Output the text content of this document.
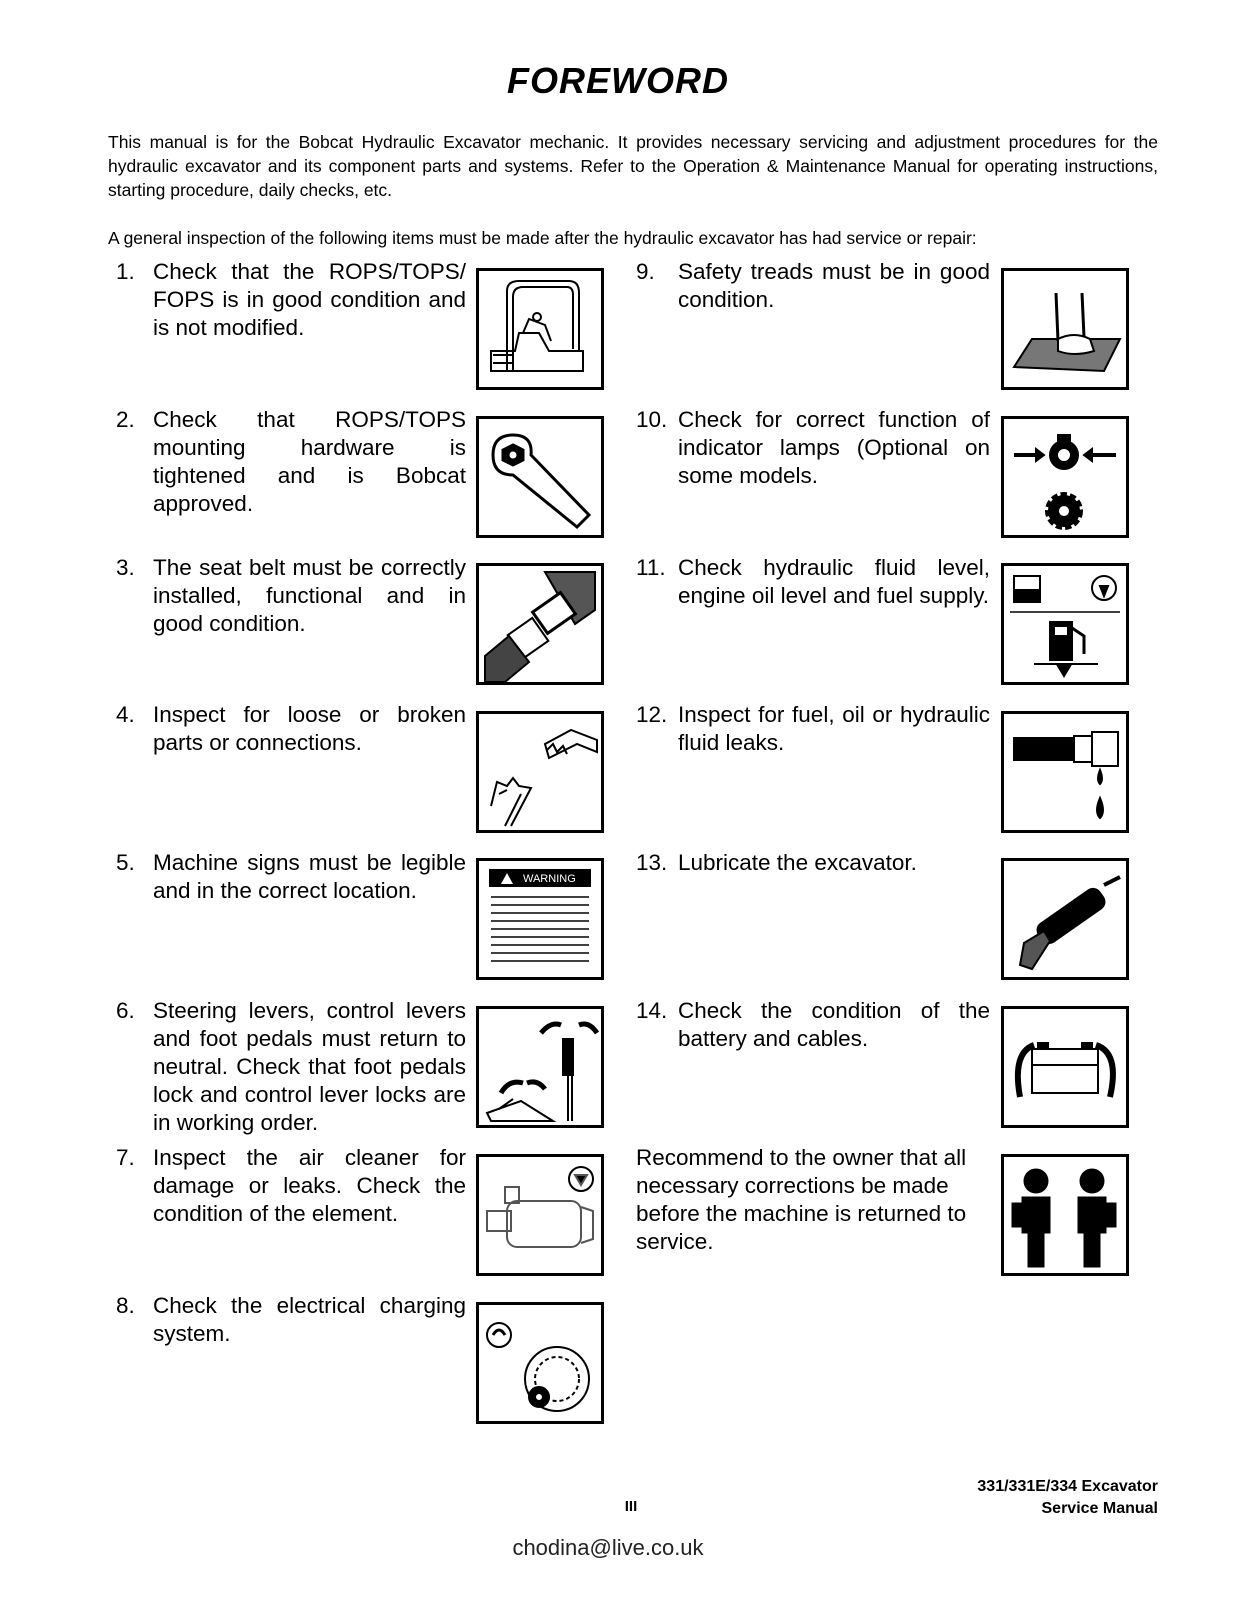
FOREWORD

This manual is for the Bobcat Hydraulic Excavator mechanic. It provides necessary servicing and adjustment procedures for the hydraulic excavator and its component parts and systems. Refer to the Operation & Maintenance Manual for operating instructions, starting procedure, daily checks, etc.

A general inspection of the following items must be made after the hydraulic excavator has had service or repair:

1. Check that the ROPS/TOPS/ FOPS is in good condition and is not modified.
2. Check that ROPS/TOPS mounting hardware is tightened and is Bobcat approved.
3. The seat belt must be correctly installed, functional and in good condition.
4. Inspect for loose or broken parts or connections.
5. Machine signs must be legible and in the correct location.
6. Steering levers, control levers and foot pedals must return to neutral. Check that foot pedals lock and control lever locks are in working order.
7. Inspect the air cleaner for damage or leaks. Check the condition of the element.
8. Check the electrical charging system.
9. Safety treads must be in good condition.
10. Check for correct function of indicator lamps (Optional on some models.
11. Check hydraulic fluid level, engine oil level and fuel supply.
12. Inspect for fuel, oil or hydraulic fluid leaks.
13. Lubricate the excavator.
14. Check the condition of the battery and cables.
Recommend to the owner that all necessary corrections be made before the machine is returned to service.
WARNING
III
331/331E/334 Excavator
Service Manual
chodina@live.co.uk
